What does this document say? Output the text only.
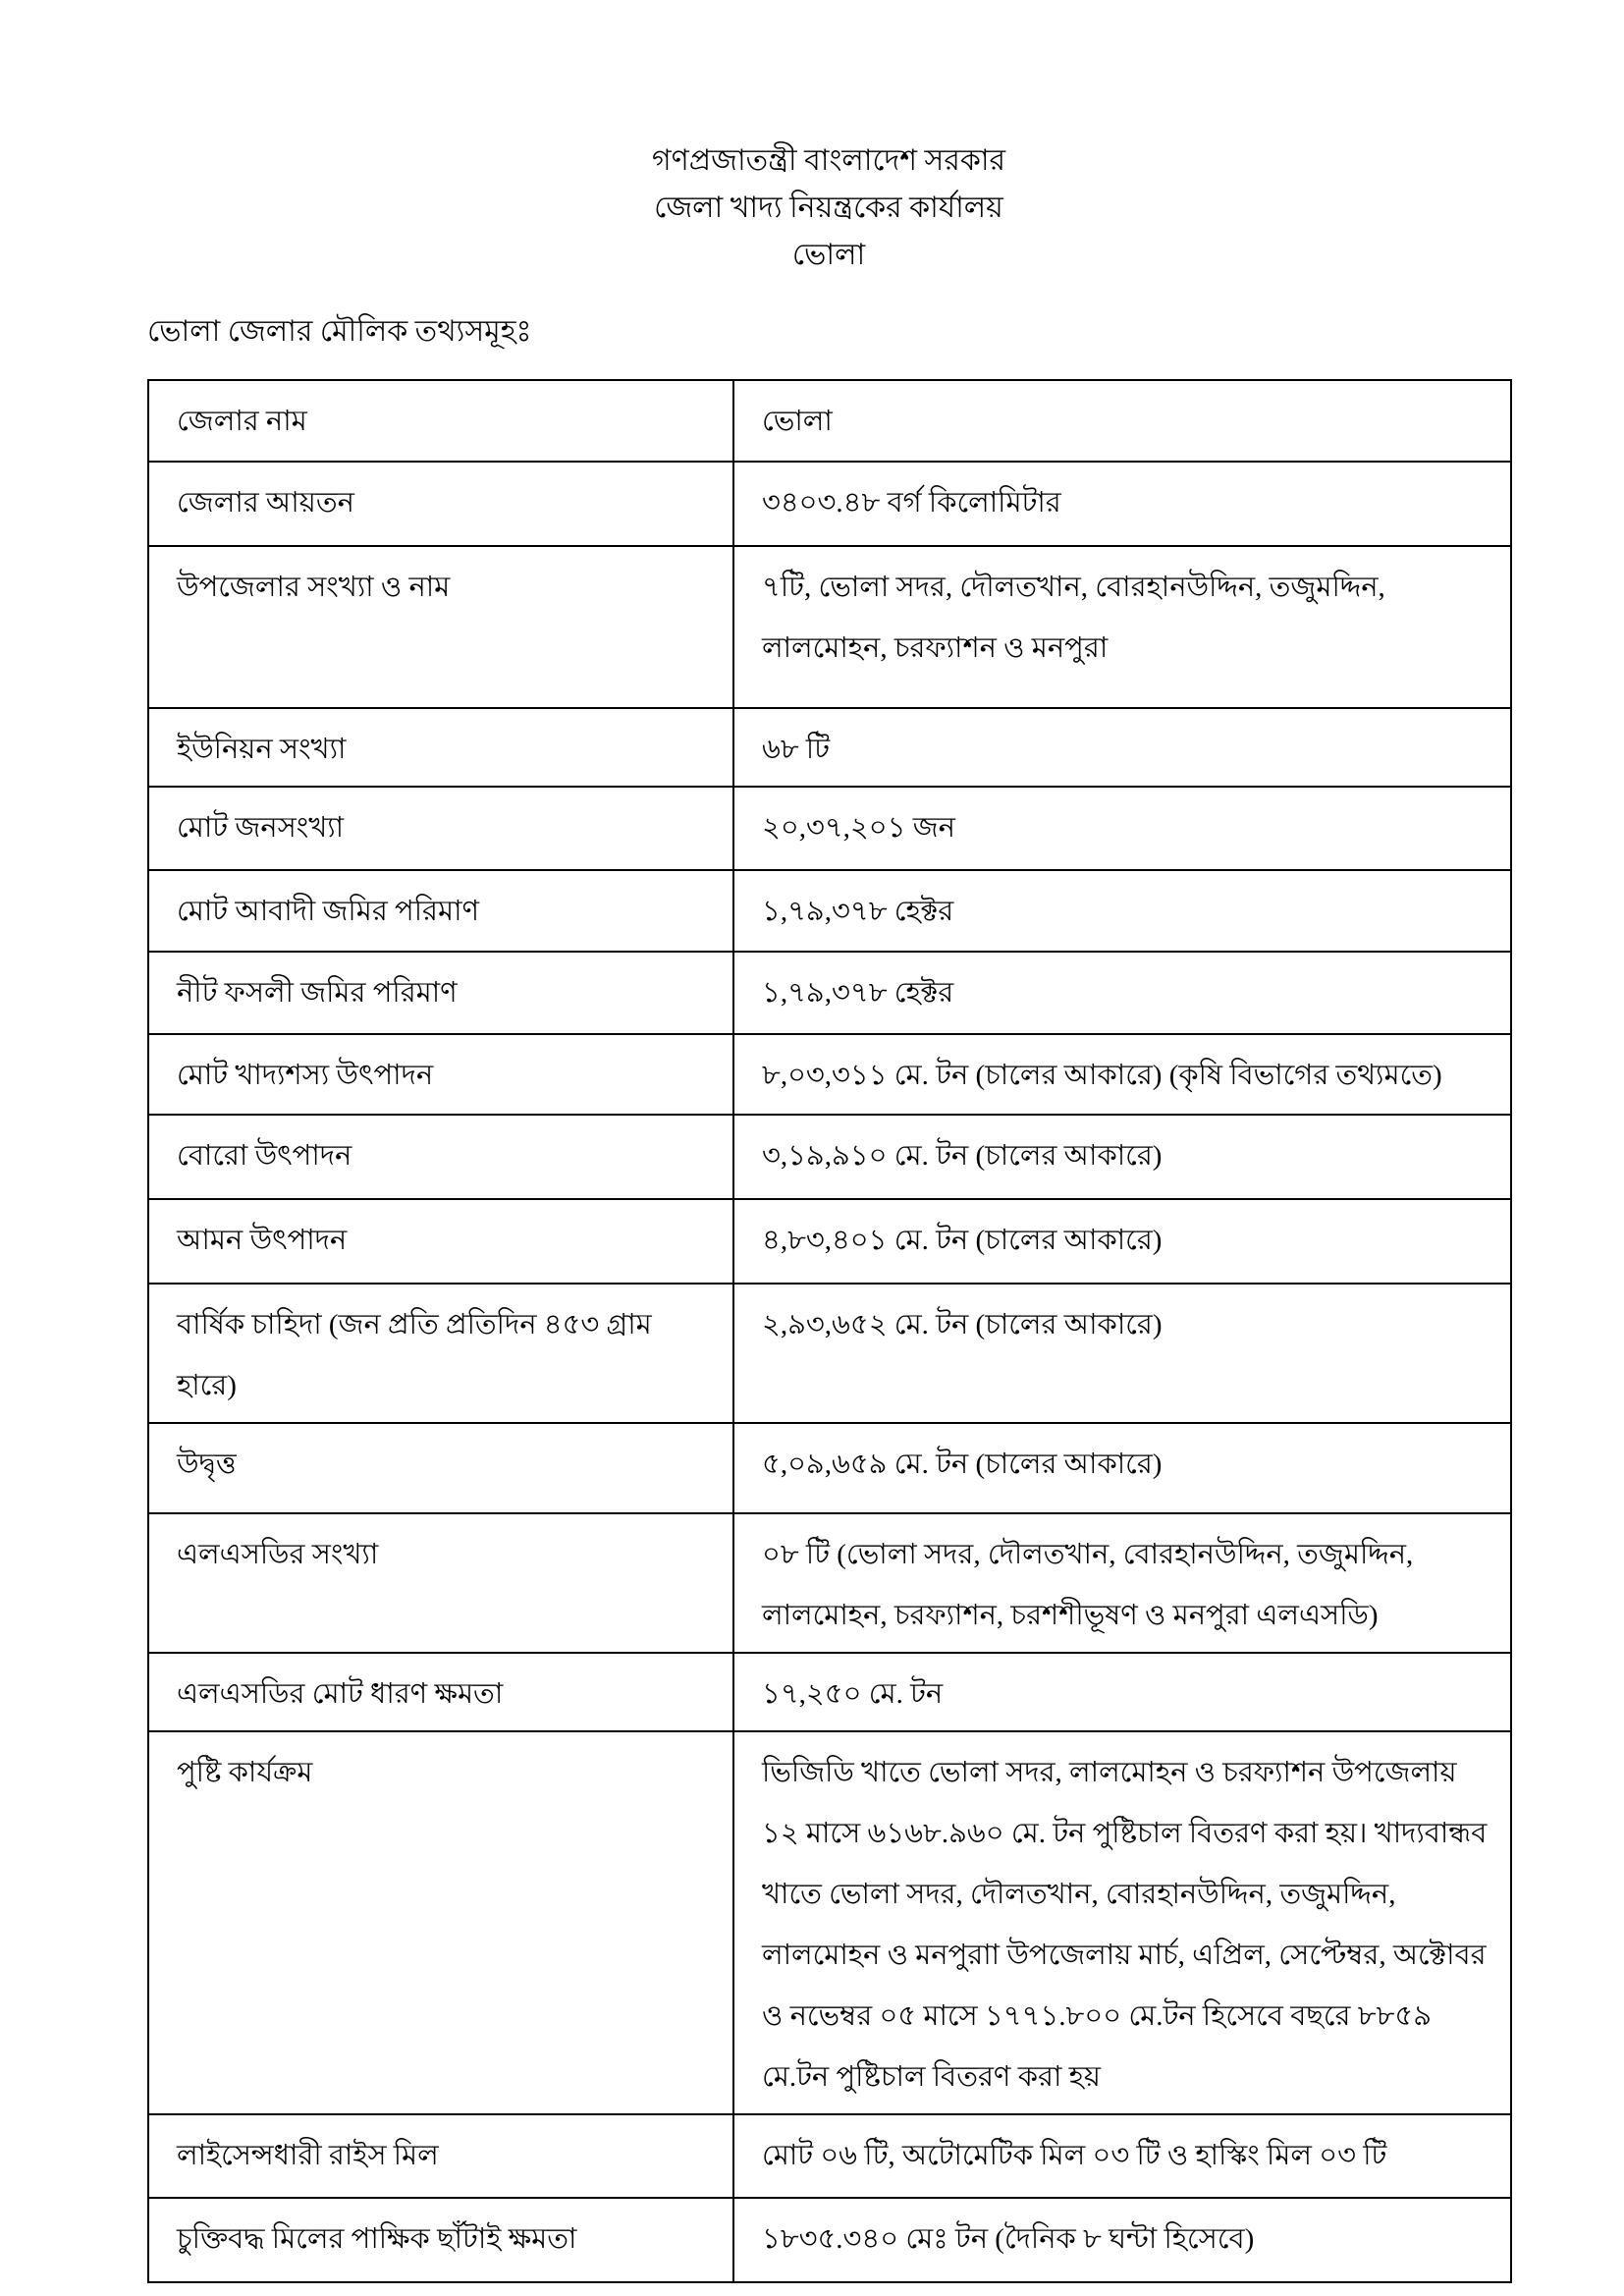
গণপ্রজাতন্ত্রী বাংলাদেশ সরকার
জেলা খাদ্য নিয়ন্ত্রকের কার্যালয়
ভোলা
ভোলা জেলার মৌলিক তথ্যসমূহঃ
জেলার নাম	ভোলা
জেলার আয়তন	৩৪০৩.৪৮ বর্গ কিলোমিটার
উপজেলার সংখ্যা ও নাম	৭টি, ভোলা সদর, দৌলতখান, বোরহানউদ্দিন, তজুমদ্দিন, লালমোহন, চরফ্যাশন ও মনপুরা
ইউনিয়ন সংখ্যা	৬৮ টি
মোট জনসংখ্যা	২০,৩৭,২০১ জন
মোট আবাদী জমির পরিমাণ	১,৭৯,৩৭৮ হেক্টর
নীট ফসলী জমির পরিমাণ	১,৭৯,৩৭৮ হেক্টর
মোট খাদ্যশস্য উৎপাদন	৮,০৩,৩১১ মে. টন (চালের আকারে) (কৃষি বিভাগের তথ্যমতে)
বোরো উৎপাদন	৩,১৯,৯১০ মে. টন (চালের আকারে)
আমন উৎপাদন	৪,৮৩,৪০১ মে. টন (চালের আকারে)
বার্ষিক চাহিদা (জন প্রতি প্রতিদিন ৪৫৩ গ্রাম হারে)	২,৯৩,৬৫২ মে. টন (চালের আকারে)
উদ্বৃত্ত	৫,০৯,৬৫৯ মে. টন (চালের আকারে)
এলএসডির সংখ্যা	০৮ টি (ভোলা সদর, দৌলতখান, বোরহানউদ্দিন, তজুমদ্দিন, লালমোহন, চরফ্যাশন, চরশশীভূষণ ও মনপুরা এলএসডি)
এলএসডির মোট ধারণ ক্ষমতা	১৭,২৫০ মে. টন
পুষ্টি কার্যক্রম	ভিজিডি খাতে ভোলা সদর, লালমোহন ও চরফ্যাশন উপজেলায় ১২ মাসে ৬১৬৮.৯৬০ মে. টন পুষ্টিচাল বিতরণ করা হয়। খাদ্যবান্ধব খাতে ভোলা সদর, দৌলতখান, বোরহানউদ্দিন, তজুমদ্দিন, লালমোহন ও মনপুরাা উপজেলায় মার্চ, এপ্রিল, সেপ্টেম্বর, অক্টোবর ও নভেম্বর ০৫ মাসে ১৭৭১.৮০০ মে.টন হিসেবে বছরে ৮৮৫৯ মে.টন পুষ্টিচাল বিতরণ করা হয়
লাইসেন্সধারী রাইস মিল	মোট ০৬ টি, অটোমেটিক মিল ০৩ টি ও হাস্কিং মিল ০৩ টি
চুক্তিবদ্ধ মিলের পাক্ষিক ছাঁটাই ক্ষমতা	১৮৩৫.৩৪০ মেঃ টন (দৈনিক ৮ ঘন্টা হিসেবে)
